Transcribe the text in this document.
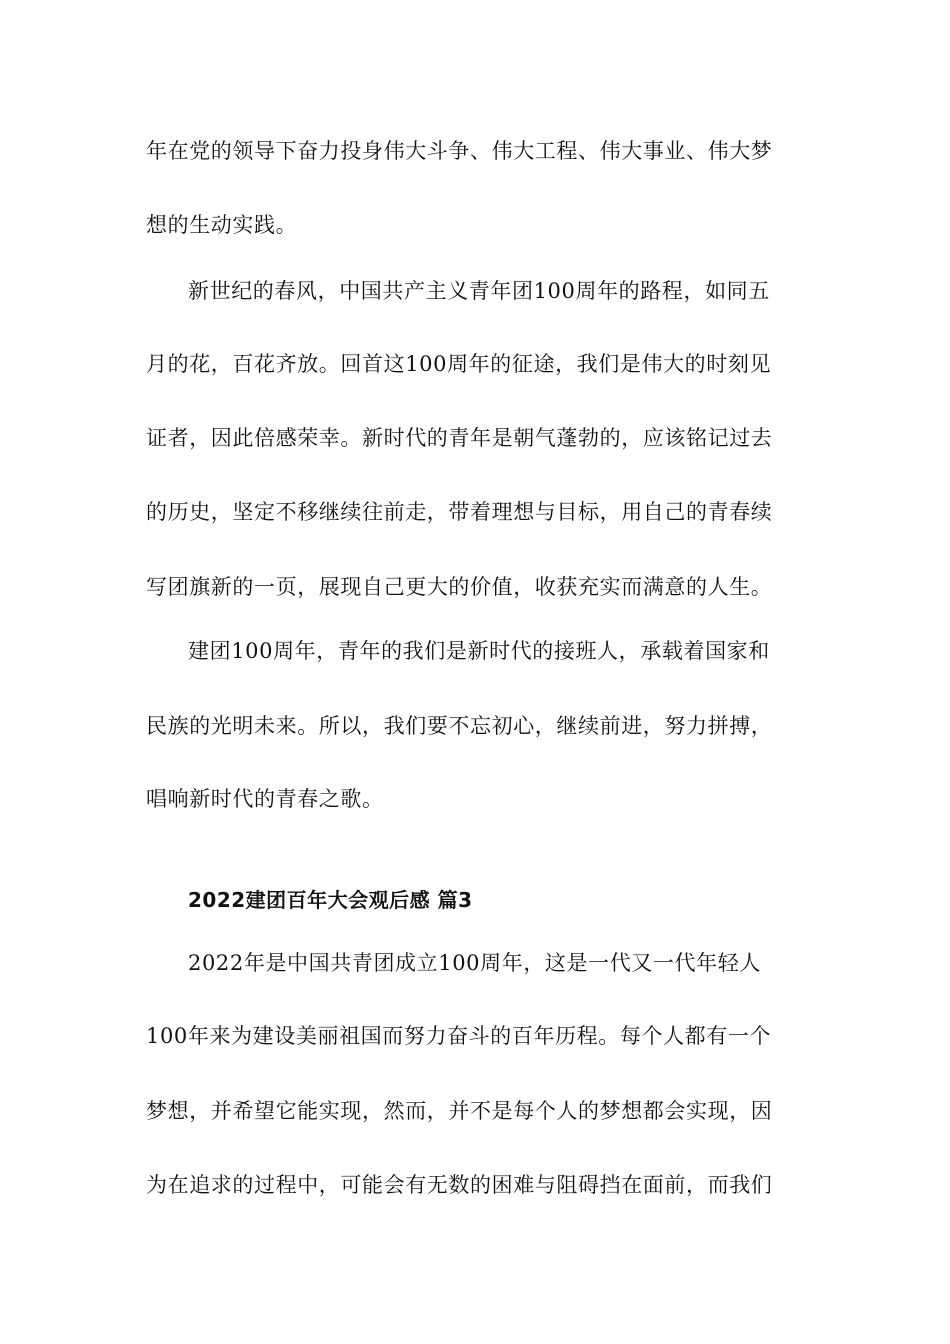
年在党的领导下奋力投身伟大斗争、伟大工程、伟大事业、伟大梦
想的生动实践。
新世纪的春风，中国共产主义青年团100周年的路程，如同五
月的花，百花齐放。回首这100周年的征途，我们是伟大的时刻见
证者，因此倍感荣幸。新时代的青年是朝气蓬勃的，应该铭记过去
的历史，坚定不移继续往前走，带着理想与目标，用自己的青春续
写团旗新的一页，展现自己更大的价值，收获充实而满意的人生。
建团100周年，青年的我们是新时代的接班人，承载着国家和
民族的光明未来。所以，我们要不忘初心，继续前进，努力拼搏，
唱响新时代的青春之歌。
2022建团百年大会观后感 篇3
2022年是中国共青团成立100周年，这是一代又一代年轻人
100年来为建设美丽祖国而努力奋斗的百年历程。每个人都有一个
梦想，并希望它能实现，然而，并不是每个人的梦想都会实现，因
为在追求的过程中，可能会有无数的困难与阻碍挡在面前，而我们
